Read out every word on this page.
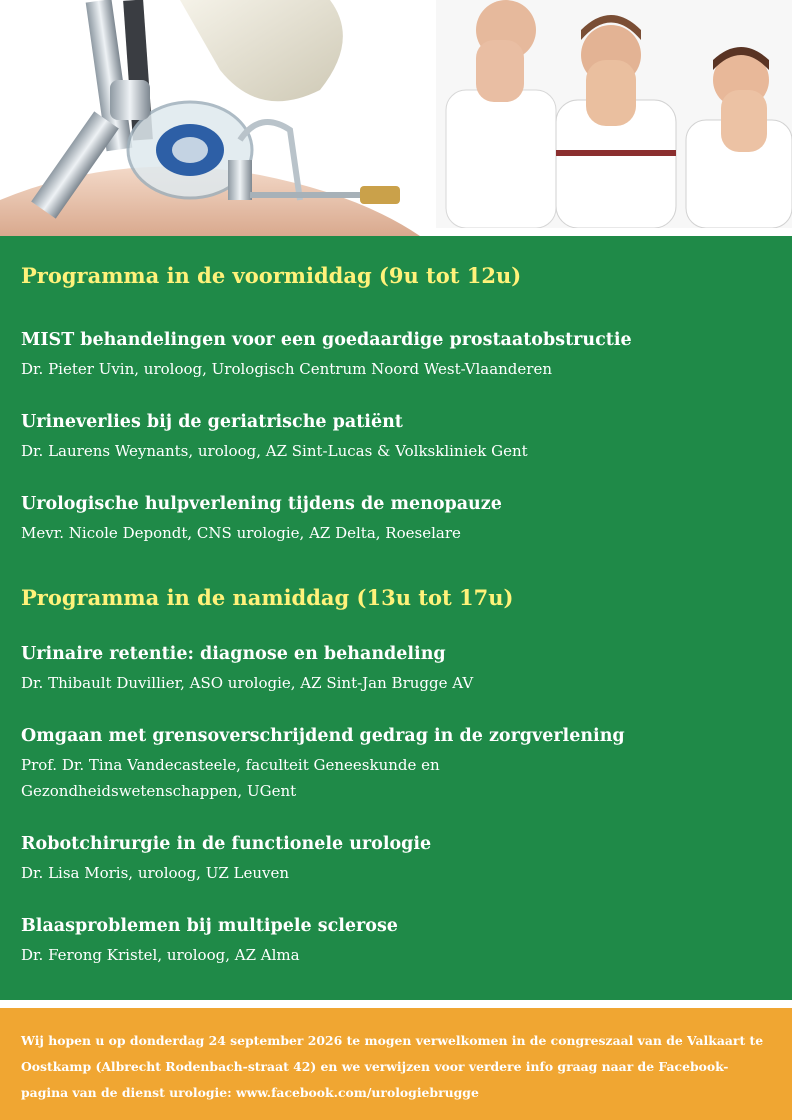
Programma in de voormiddag (9u tot 12u)

MIST behandelingen voor een goedaardige prostaatobstructie

Dr. Pieter Uvin, uroloog, Urologisch Centrum Noord West-Vlaanderen

Urineverlies bij de geriatrische patiënt

Dr. Laurens Weynants, uroloog, AZ Sint-Lucas & Volkskliniek Gent

Urologische hulpverlening tijdens de menopauze

Mevr. Nicole Depondt, CNS urologie, AZ Delta, Roeselare

Programma in de namiddag (13u tot 17u)

Urinaire retentie: diagnose en behandeling

Dr. Thibault Duvillier, ASO urologie, AZ Sint-Jan Brugge AV

Omgaan met grensoverschrijdend gedrag in de zorgverlening

Prof. Dr. Tina Vandecasteele, faculteit Geneeskunde en Gezondheidswetenschappen, UGent

Robotchirurgie in de functionele urologie

Dr. Lisa Moris, uroloog, UZ Leuven

Blaasproblemen bij multipele sclerose

Dr. Ferong Kristel, uroloog, AZ Alma

Wij hopen u op donderdag 24 september 2026 te mogen verwelkomen in de congreszaal van de Valkaart te Oostkamp (Albrecht Rodenbach-straat 42) en we verwijzen voor verdere info graag naar de Facebook-pagina van de dienst urologie: www.facebook.com/urologiebrugge
